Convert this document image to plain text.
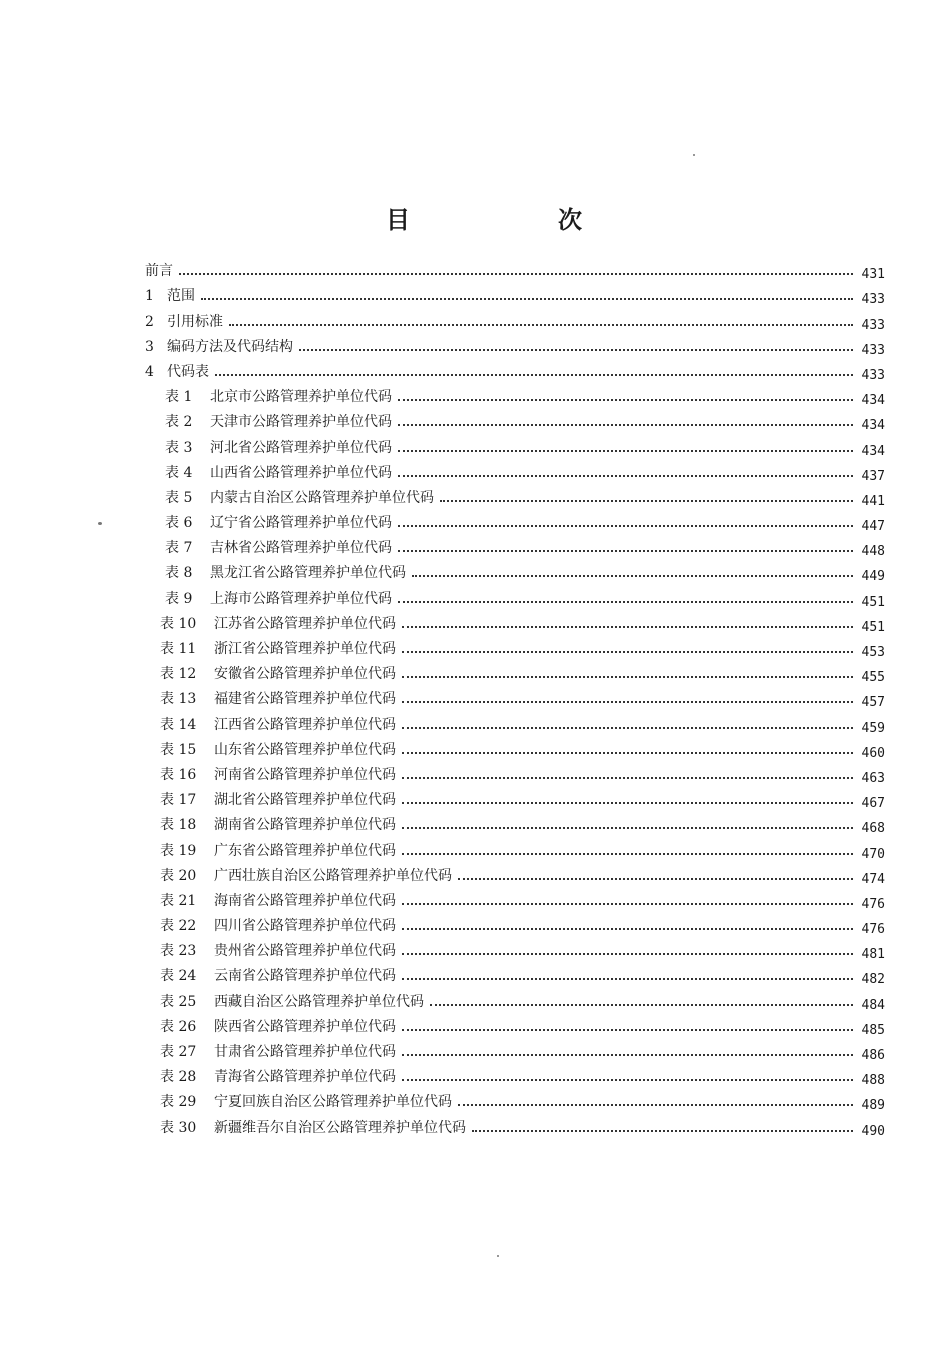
目　次
前言	431
1 范围	433
2 引用标准	433
3 编码方法及代码结构	433
4 代码表	433
表 1	北京市公路管理养护单位代码	434
表 2	天津市公路管理养护单位代码	434
表 3	河北省公路管理养护单位代码	434
表 4	山西省公路管理养护单位代码	437
表 5	内蒙古自治区公路管理养护单位代码	441
表 6	辽宁省公路管理养护单位代码	447
表 7	吉林省公路管理养护单位代码	448
表 8	黑龙江省公路管理养护单位代码	449
表 9	上海市公路管理养护单位代码	451
表 10	江苏省公路管理养护单位代码	451
表 11	浙江省公路管理养护单位代码	453
表 12	安徽省公路管理养护单位代码	455
表 13	福建省公路管理养护单位代码	457
表 14	江西省公路管理养护单位代码	459
表 15	山东省公路管理养护单位代码	460
表 16	河南省公路管理养护单位代码	463
表 17	湖北省公路管理养护单位代码	467
表 18	湖南省公路管理养护单位代码	468
表 19	广东省公路管理养护单位代码	470
表 20	广西壮族自治区公路管理养护单位代码	474
表 21	海南省公路管理养护单位代码	476
表 22	四川省公路管理养护单位代码	476
表 23	贵州省公路管理养护单位代码	481
表 24	云南省公路管理养护单位代码	482
表 25	西藏自治区公路管理养护单位代码	484
表 26	陕西省公路管理养护单位代码	485
表 27	甘肃省公路管理养护单位代码	486
表 28	青海省公路管理养护单位代码	488
表 29	宁夏回族自治区公路管理养护单位代码	489
表 30	新疆维吾尔自治区公路管理养护单位代码	490
